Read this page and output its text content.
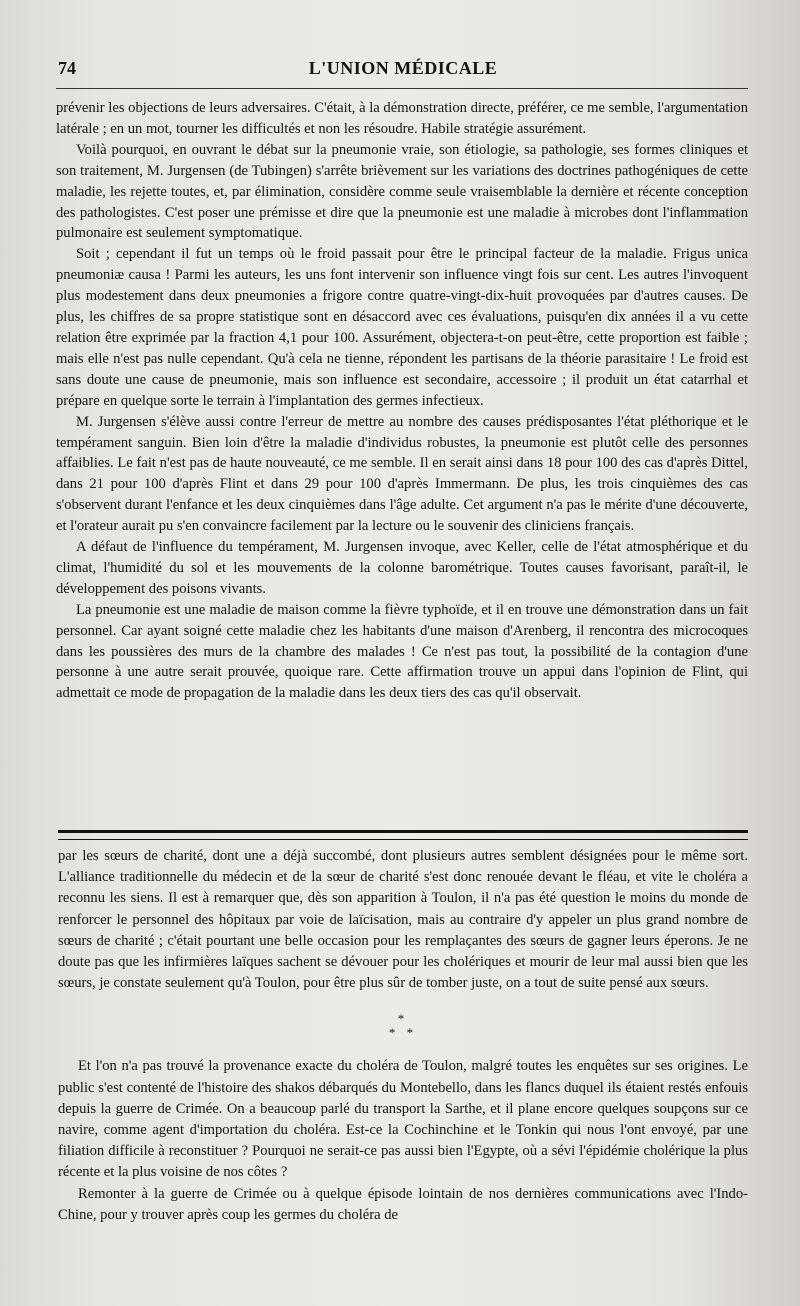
74	L'UNION MÉDICALE

prévenir les objections de leurs adversaires. C'était, à la démonstration directe, préférer, ce me semble, l'argumentation latérale ; en un mot, tourner les difficultés et non les résoudre. Habile stratégie assurément.

Voilà pourquoi, en ouvrant le débat sur la pneumonie vraie, son étiologie, sa pathologie, ses formes cliniques et son traitement, M. Jurgensen (de Tubingen) s'arrête brièvement sur les variations des doctrines pathogéniques de cette maladie, les rejette toutes, et, par élimination, considère comme seule vraisemblable la dernière et récente conception des pathologistes. C'est poser une prémisse et dire que la pneumonie est une maladie à microbes dont l'inflammation pulmonaire est seulement symptomatique.

Soit ; cependant il fut un temps où le froid passait pour être le principal facteur de la maladie. Frigus unica pneumoniæ causa ! Parmi les auteurs, les uns font intervenir son influence vingt fois sur cent. Les autres l'invoquent plus modestement dans deux pneumonies a frigore contre quatre-vingt-dix-huit provoquées par d'autres causes. De plus, les chiffres de sa propre statistique sont en désaccord avec ces évaluations, puisqu'en dix années il a vu cette relation être exprimée par la fraction 4,1 pour 100. Assurément, objectera-t-on peut-être, cette proportion est faible ; mais elle n'est pas nulle cependant. Qu'à cela ne tienne, répondent les partisans de la théorie parasitaire ! Le froid est sans doute une cause de pneumonie, mais son influence est secondaire, accessoire ; il produit un état catarrhal et prépare en quelque sorte le terrain à l'implantation des germes infectieux.

M. Jurgensen s'élève aussi contre l'erreur de mettre au nombre des causes prédisposantes l'état pléthorique et le tempérament sanguin. Bien loin d'être la maladie d'individus robustes, la pneumonie est plutôt celle des personnes affaiblies. Le fait n'est pas de haute nouveauté, ce me semble. Il en serait ainsi dans 18 pour 100 des cas d'après Dittel, dans 21 pour 100 d'après Flint et dans 29 pour 100 d'après Immermann. De plus, les trois cinquièmes des cas s'observent durant l'enfance et les deux cinquièmes dans l'âge adulte. Cet argument n'a pas le mérite d'une découverte, et l'orateur aurait pu s'en convaincre facilement par la lecture ou le souvenir des cliniciens français.

A défaut de l'influence du tempérament, M. Jurgensen invoque, avec Keller, celle de l'état atmosphérique et du climat, l'humidité du sol et les mouvements de la colonne barométrique. Toutes causes favorisant, paraît-il, le développement des poisons vivants.

La pneumonie est une maladie de maison comme la fièvre typhoïde, et il en trouve une démonstration dans un fait personnel. Car ayant soigné cette maladie chez les habitants d'une maison d'Arenberg, il rencontra des microcoques dans les poussières des murs de la chambre des malades ! Ce n'est pas tout, la possibilité de la contagion d'une personne à une autre serait prouvée, quoique rare. Cette affirmation trouve un appui dans l'opinion de Flint, qui admettait ce mode de propagation de la maladie dans les deux tiers des cas qu'il observait.

par les sœurs de charité, dont une a déjà succombé, dont plusieurs autres semblent désignées pour le même sort. L'alliance traditionnelle du médecin et de la sœur de charité s'est donc renouée devant le fléau, et vite le choléra a reconnu les siens. Il est à remarquer que, dès son apparition à Toulon, il n'a pas été question le moins du monde de renforcer le personnel des hôpitaux par voie de laïcisation, mais au contraire d'y appeler un plus grand nombre de sœurs de charité ; c'était pourtant une belle occasion pour les remplaçantes des sœurs de gagner leurs éperons. Je ne doute pas que les infirmières laïques sachent se dévouer pour les cholériques et mourir de leur mal aussi bien que les sœurs, je constate seulement qu'à Toulon, pour être plus sûr de tomber juste, on a tout de suite pensé aux sœurs.

*
* *

Et l'on n'a pas trouvé la provenance exacte du choléra de Toulon, malgré toutes les enquêtes sur ses origines. Le public s'est contenté de l'histoire des shakos débarqués du Montebello, dans les flancs duquel ils étaient restés enfouis depuis la guerre de Crimée. On a beaucoup parlé du transport la Sarthe, et il plane encore quelques soupçons sur ce navire, comme agent d'importation du choléra. Est-ce la Cochinchine et le Tonkin qui nous l'ont envoyé, par une filiation difficile à reconstituer ? Pourquoi ne serait-ce pas aussi bien l'Egypte, où a sévi l'épidémie cholérique la plus récente et la plus voisine de nos côtes ?

Remonter à la guerre de Crimée ou à quelque épisode lointain de nos dernières communications avec l'Indo-Chine, pour y trouver après coup les germes du choléra de
